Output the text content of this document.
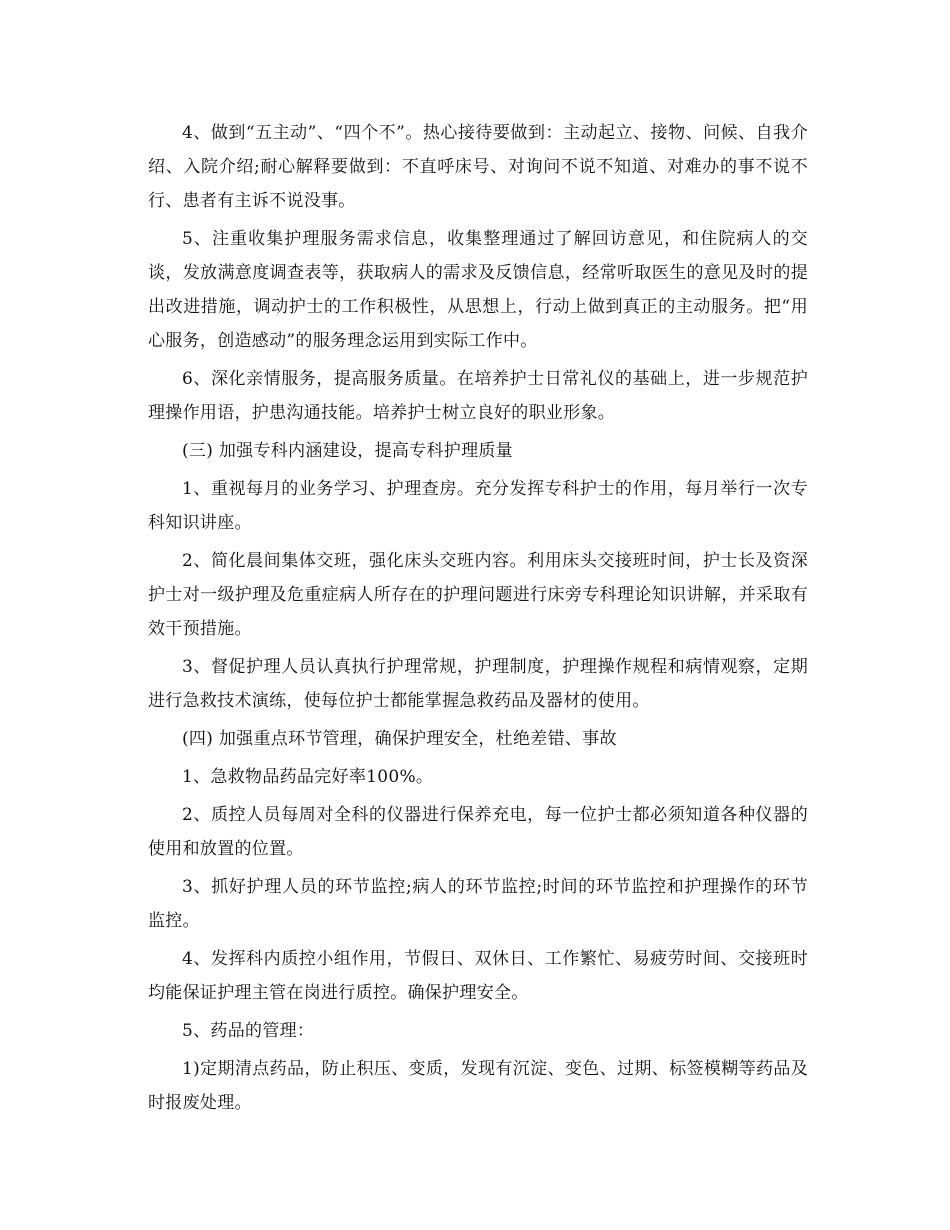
4、做到“五主动”、“四个不”。热心接待要做到：主动起立、接物、问候、自我介绍、入院介绍;耐心解释要做到：不直呼床号、对询问不说不知道、对难办的事不说不行、患者有主诉不说没事。

5、注重收集护理服务需求信息，收集整理通过了解回访意见，和住院病人的交谈，发放满意度调查表等，获取病人的需求及反馈信息，经常听取医生的意见及时的提出改进措施，调动护士的工作积极性，从思想上，行动上做到真正的主动服务。把“用心服务，创造感动”的服务理念运用到实际工作中。

6、深化亲情服务，提高服务质量。在培养护士日常礼仪的基础上，进一步规范护理操作用语，护患沟通技能。培养护士树立良好的职业形象。

(三) 加强专科内涵建设，提高专科护理质量

1、重视每月的业务学习、护理查房。充分发挥专科护士的作用，每月举行一次专科知识讲座。

2、简化晨间集体交班，强化床头交班内容。利用床头交接班时间，护士长及资深护士对一级护理及危重症病人所存在的护理问题进行床旁专科理论知识讲解，并采取有效干预措施。

3、督促护理人员认真执行护理常规，护理制度，护理操作规程和病情观察，定期进行急救技术演练，使每位护士都能掌握急救药品及器材的使用。

(四) 加强重点环节管理，确保护理安全，杜绝差错、事故

1、急救物品药品完好率100%。

2、质控人员每周对全科的仪器进行保养充电，每一位护士都必须知道各种仪器的使用和放置的位置。

3、抓好护理人员的环节监控;病人的环节监控;时间的环节监控和护理操作的环节监控。

4、发挥科内质控小组作用，节假日、双休日、工作繁忙、易疲劳时间、交接班时均能保证护理主管在岗进行质控。确保护理安全。

5、药品的管理：

1)定期清点药品，防止积压、变质，发现有沉淀、变色、过期、标签模糊等药品及时报废处理。
